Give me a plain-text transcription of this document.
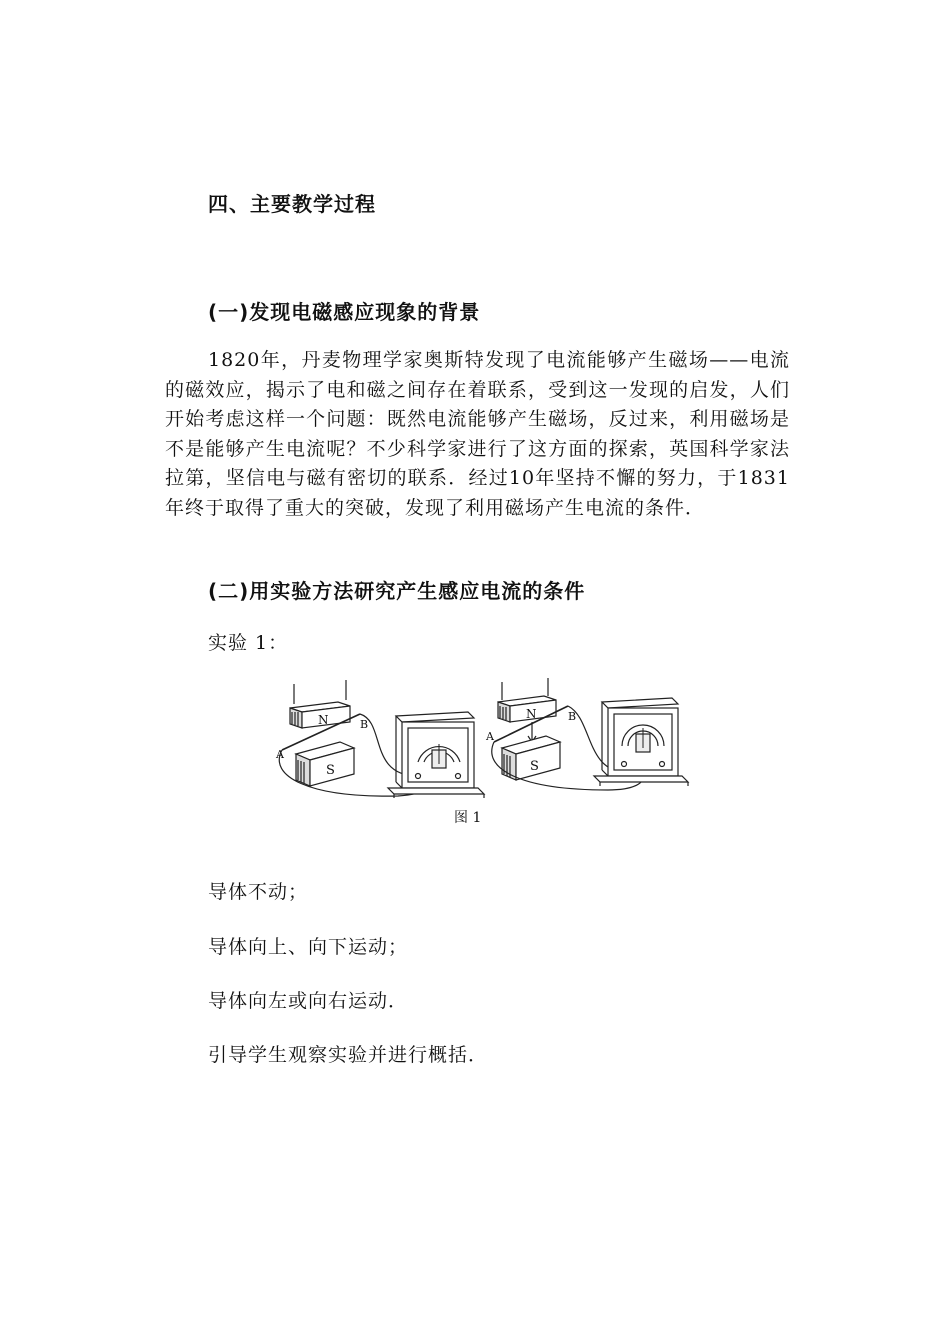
四、主要教学过程
(一)发现电磁感应现象的背景
1820年，丹麦物理学家奥斯特发现了电流能够产生磁场——电流的磁效应，揭示了电和磁之间存在着联系，受到这一发现的启发，人们开始考虑这样一个问题：既然电流能够产生磁场，反过来，利用磁场是不是能够产生电流呢？不少科学家进行了这方面的探索，英国科学家法拉第，坚信电与磁有密切的联系．经过10年坚持不懈的努力，于1831年终于取得了重大的突破，发现了利用磁场产生电流的条件．
(二)用实验方法研究产生感应电流的条件
实验 1：
N
A
B
S
N
A
B
S
图 1
导体不动；
导体向上、向下运动；
导体向左或向右运动．
引导学生观察实验并进行概括．
